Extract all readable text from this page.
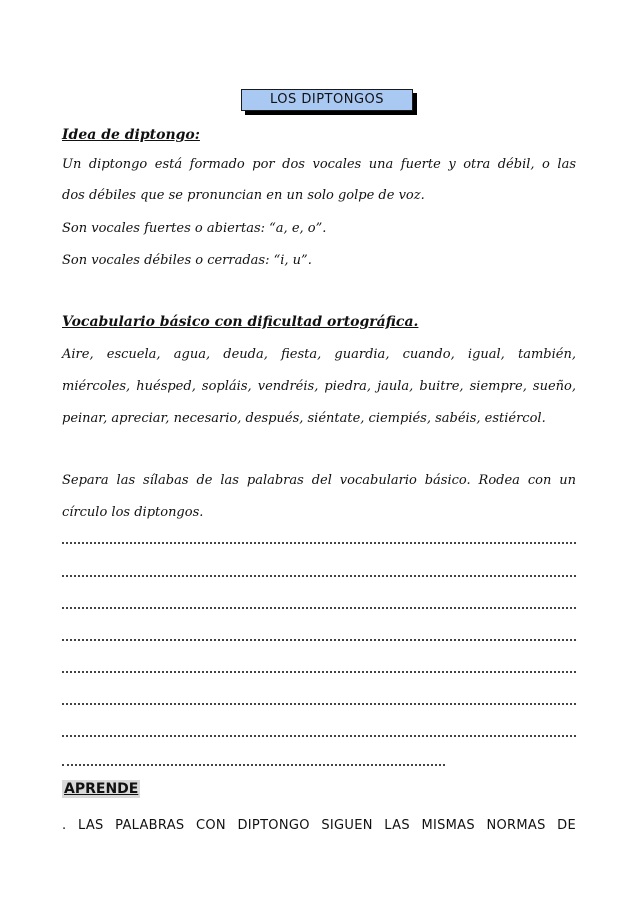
LOS DIPTONGOS
Idea de diptongo:
Un diptongo está formado por dos vocales una fuerte y otra débil, o las
dos débiles que se pronuncian en un solo golpe de voz.
Son vocales fuertes o abiertas: “a, e, o”.
Son vocales débiles o cerradas: “i, u”.
Vocabulario básico con dificultad ortográfica.
Aire, escuela, agua, deuda, fiesta, guardia, cuando, igual, también,
miércoles, huésped, sopláis, vendréis, piedra, jaula, buitre, siempre, sueño,
peinar, apreciar, necesario, después, siéntate, ciempiés, sabéis, estiércol.
Separa las sílabas de las palabras del vocabulario básico. Rodea con un
círculo los diptongos.
APRENDE
. LAS PALABRAS CON DIPTONGO SIGUEN LAS MISMAS NORMAS DE
